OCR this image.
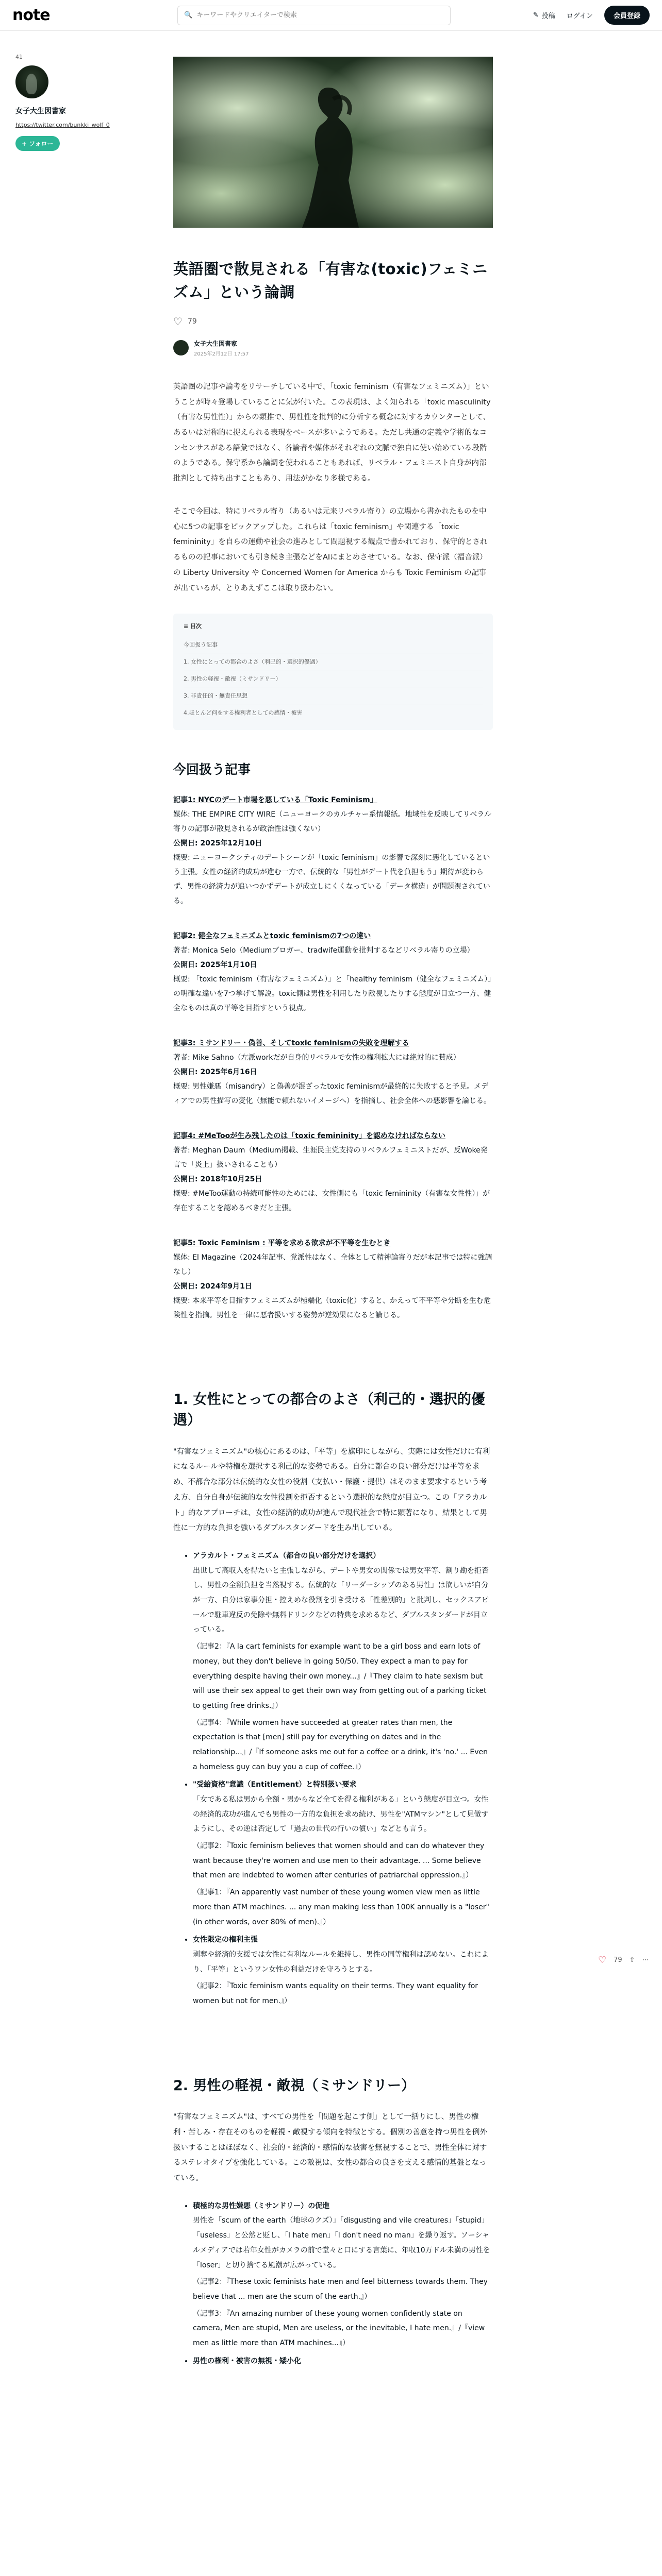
note	🔍
キーワードやクリエイターで検索	✎ 投稿 ログイン	会員登録
41
女子大生図書家
https://twitter.com/bunkki_wolf_0
+ フォロー
英語圏で散見される「有害な(toxic)フェミニズム」という論調
♡ 79
女子大生図書家
2025年2月12日 17:57

英語圏の記事や論考をリサーチしている中で、「toxic feminism（有害なフェミニズム）」ということが時々登場していることに気が付いた。この表現は、よく知られる「toxic masculinity（有害な男性性）」からの類推で、男性性を批判的に分析する概念に対するカウンターとして、あるいは対称的に捉えられる表現をベースが多いようである。ただし共通の定義や学術的なコンセンサスがある語彙ではなく、各論者や媒体がそれぞれの文脈で独自に使い始めている段階のようである。保守系から論調を使われることもあれば、リベラル・フェミニスト自身が内部批判として持ち出すこともあり、用法がかなり多様である。

そこで今回は、特にリベラル寄り（あるいは元来リベラル寄り）の立場から書かれたものを中心に5つの記事をピックアップした。これらは「toxic feminism」や関連する「toxic femininity」を自らの運動や社会の進みとして問題視する観点で書かれており、保守的とされるものの記事においても引き続き主張などをAIにまとめさせている。なお、保守派（福音派）の Liberty University や Concerned Women for America からも Toxic Feminism の記事が出ているが、とりあえずここは取り扱わない。

≡ 目次
今回扱う記事
1. 女性にとっての都合のよさ（利己的・選択的優遇）
2. 男性の軽視・敵視（ミサンドリー）
3. 非責任的・無責任思想
4.ほとんど何をする権利者としての感情・被害
今回扱う記事
記事1: NYCのデート市場を悪している「Toxic Feminism」
媒体: THE EMPIRE CITY WIRE（ニューヨークのカルチャー系情報紙。地域性を反映してリベラル寄りの記事が散見されるが政治性は強くない）
公開日: 2025年12月10日
概要: ニューヨークシティのデートシーンが「toxic feminism」の影響で深刻に悪化しているという主張。女性の経済的成功が進む一方で、伝統的な「男性がデート代を負担もう」期待が変わらず、男性の経済力が追いつかずデートが成立しにくくなっている「データ構造」が問題視されている。
記事2: 健全なフェミニズムとtoxic feminismの7つの違い
著者: Monica Selo（Mediumブロガー、tradwife運動を批判するなどリベラル寄りの立場）
公開日: 2025年1月10日
概要: 「toxic feminism（有害なフェミニズム）」と「healthy feminism（健全なフェミニズム）」の明確な違いを7つ挙げて解説。toxic側は男性を利用したり敵視したりする態度が目立つ一方、健全なものは真の平等を目指すという視点。
記事3: ミサンドリー・偽善、そしてtoxic feminismの失敗を理解する
著者: Mike Sahno（左派workだが自身的リベラルで女性の権利拡大には絶対的に賛成）
公開日: 2025年6月16日
概要: 男性嫌悪（misandry）と偽善が混ざったtoxic feminismが最終的に失敗すると予見。メディアでの男性描写の変化（無能で頼れないイメージへ）を指摘し、社会全体への悪影響を論じる。
記事4: #MeTooが生み残したのは「toxic femininity」を認めなければならない
著者: Meghan Daum（Medium掲載、生涯民主党支持のリベラルフェミニストだが、反Woke発言で「炎上」扱いされることも）
公開日: 2018年10月25日
概要: #MeToo運動の持続可能性のためには、女性側にも「toxic femininity（有害な女性性）」が存在することを認めるべきだと主張。
記事5: Toxic Feminism : 平等を求める欲求が不平等を生むとき
媒体: El Magazine（2024年記事、党派性はなく、全体として精神論寄りだが本記事では特に強調なし）
公開日: 2024年9月1日
概要: 本来平等を目指すフェミニズムが極端化（toxic化）すると、かえって不平等や分断を生む危険性を指摘。男性を一律に悪者扱いする姿勢が逆効果になると論じる。
1. 女性にとっての都合のよさ（利己的・選択的優遇）

"有害なフェミニズム"の核心にあるのは、「平等」を旗印にしながら、実際には女性だけに有利になるルールや特権を選択する利己的な姿勢である。自分に都合の良い部分だけは平等を求め、不都合な部分は伝統的な女性の役割（支払い・保護・提供）はそのまま要求するという考え方、自分自身が伝統的な女性役割を拒否するという選択的な態度が目立つ。この「アラカルト」的なアプローチは、女性の経済的成功が進んで現代社会で特に顕著になり、結果として男性に一方的な負担を強いるダブルスタンダードを生み出している。

• アラカルト・フェミニズム（都合の良い部分だけを選択）
出世して高収入を得たいと主張しながら、デートや男女の関係では男女平等、割り勘を拒否し、男性の全額負担を当然視する。伝統的な「リーダーシップのある男性」は欲しいが自分が一方、自分は家事分担・控えめな役割を引き受ける「性差別的」と批判し、セックスアピールで駐車違反の免除や無料ドリンクなどの特典を求めるなど、ダブルスタンダードが目立っている。
（記事2：『A la cart feminists for example want to be a girl boss and earn lots of money, but they don't believe in going 50/50. They expect a man to pay for everything despite having their own money...』/『They claim to hate sexism but will use their sex appeal to get their own way from getting out of a parking ticket to getting free drinks.』）
（記事4：『While women have succeeded at greater rates than men, the expectation is that [men] still pay for everything on dates and in the relationship...』/『If someone asks me out for a coffee or a drink, it's 'no.' ... Even a homeless guy can buy you a cup of coffee.』）
• "受給資格"意識（Entitlement）と特別扱い要求
「女である私は男から全額・男からなど全てを得る権利がある」という態度が目立つ。女性の経済的成功が進んでも男性の一方的な負担を求め続け、男性を"ATMマシン"として見做すようにし、その逆は否定して「過去の世代の行いの償い」などとも言う。
（記事2：『Toxic feminism believes that women should and can do whatever they want because they're women and use men to their advantage. ... Some believe that men are indebted to women after centuries of patriarchal oppression.』）
（記事1：『An apparently vast number of these young women view men as little more than ATM machines. ... any man making less than 100K annually is a "loser" (in other words, over 80% of men).』）
• 女性限定の権利主張
剥奪や経済的支援では女性に有利なルールを維持し、男性の同等権利は認めない。これにより、「平等」というワン女性の利益だけを守ろうとする。
（記事2：『Toxic feminism wants equality on their terms. They want equality for women but not for men.』）
2. 男性の軽視・敵視（ミサンドリー）

"有害なフェミニズム"は、すべての男性を「問題を起こす側」として一括りにし、男性の権利・苦しみ・存在そのものを軽視・敵視する傾向を特徴とする。個別の善意を持つ男性を例外扱いすることはほぼなく、社会的・経済的・感情的な被害を無視することで、男性全体に対するステレオタイプを強化している。この敵視は、女性の都合の良さを支える感情的基盤となっている。

• 積極的な男性嫌悪（ミサンドリー）の促進
男性を「scum of the earth（地球のクズ）」「disgusting and vile creatures」「stupid」「useless」と公然と貶し、「I hate men」「I don't need no man」を繰り返す。ソーシャルメディアでは若年女性がカメラの前で堂々と口にする言葉に、年収10万ドル未満の男性を「loser」と切り捨てる風潮が広がっている。
（記事2：『These toxic feminists hate men and feel bitterness towards them. They believe that ... men are the scum of the earth.』）
（記事3：『An amazing number of these young women confidently state on camera, Men are stupid, Men are useless, or the inevitable, I hate men.』/『view men as little more than ATM machines...』）
• 男性の権利・被害の無視・矮小化
♡ 79 ⇧ ⋯
